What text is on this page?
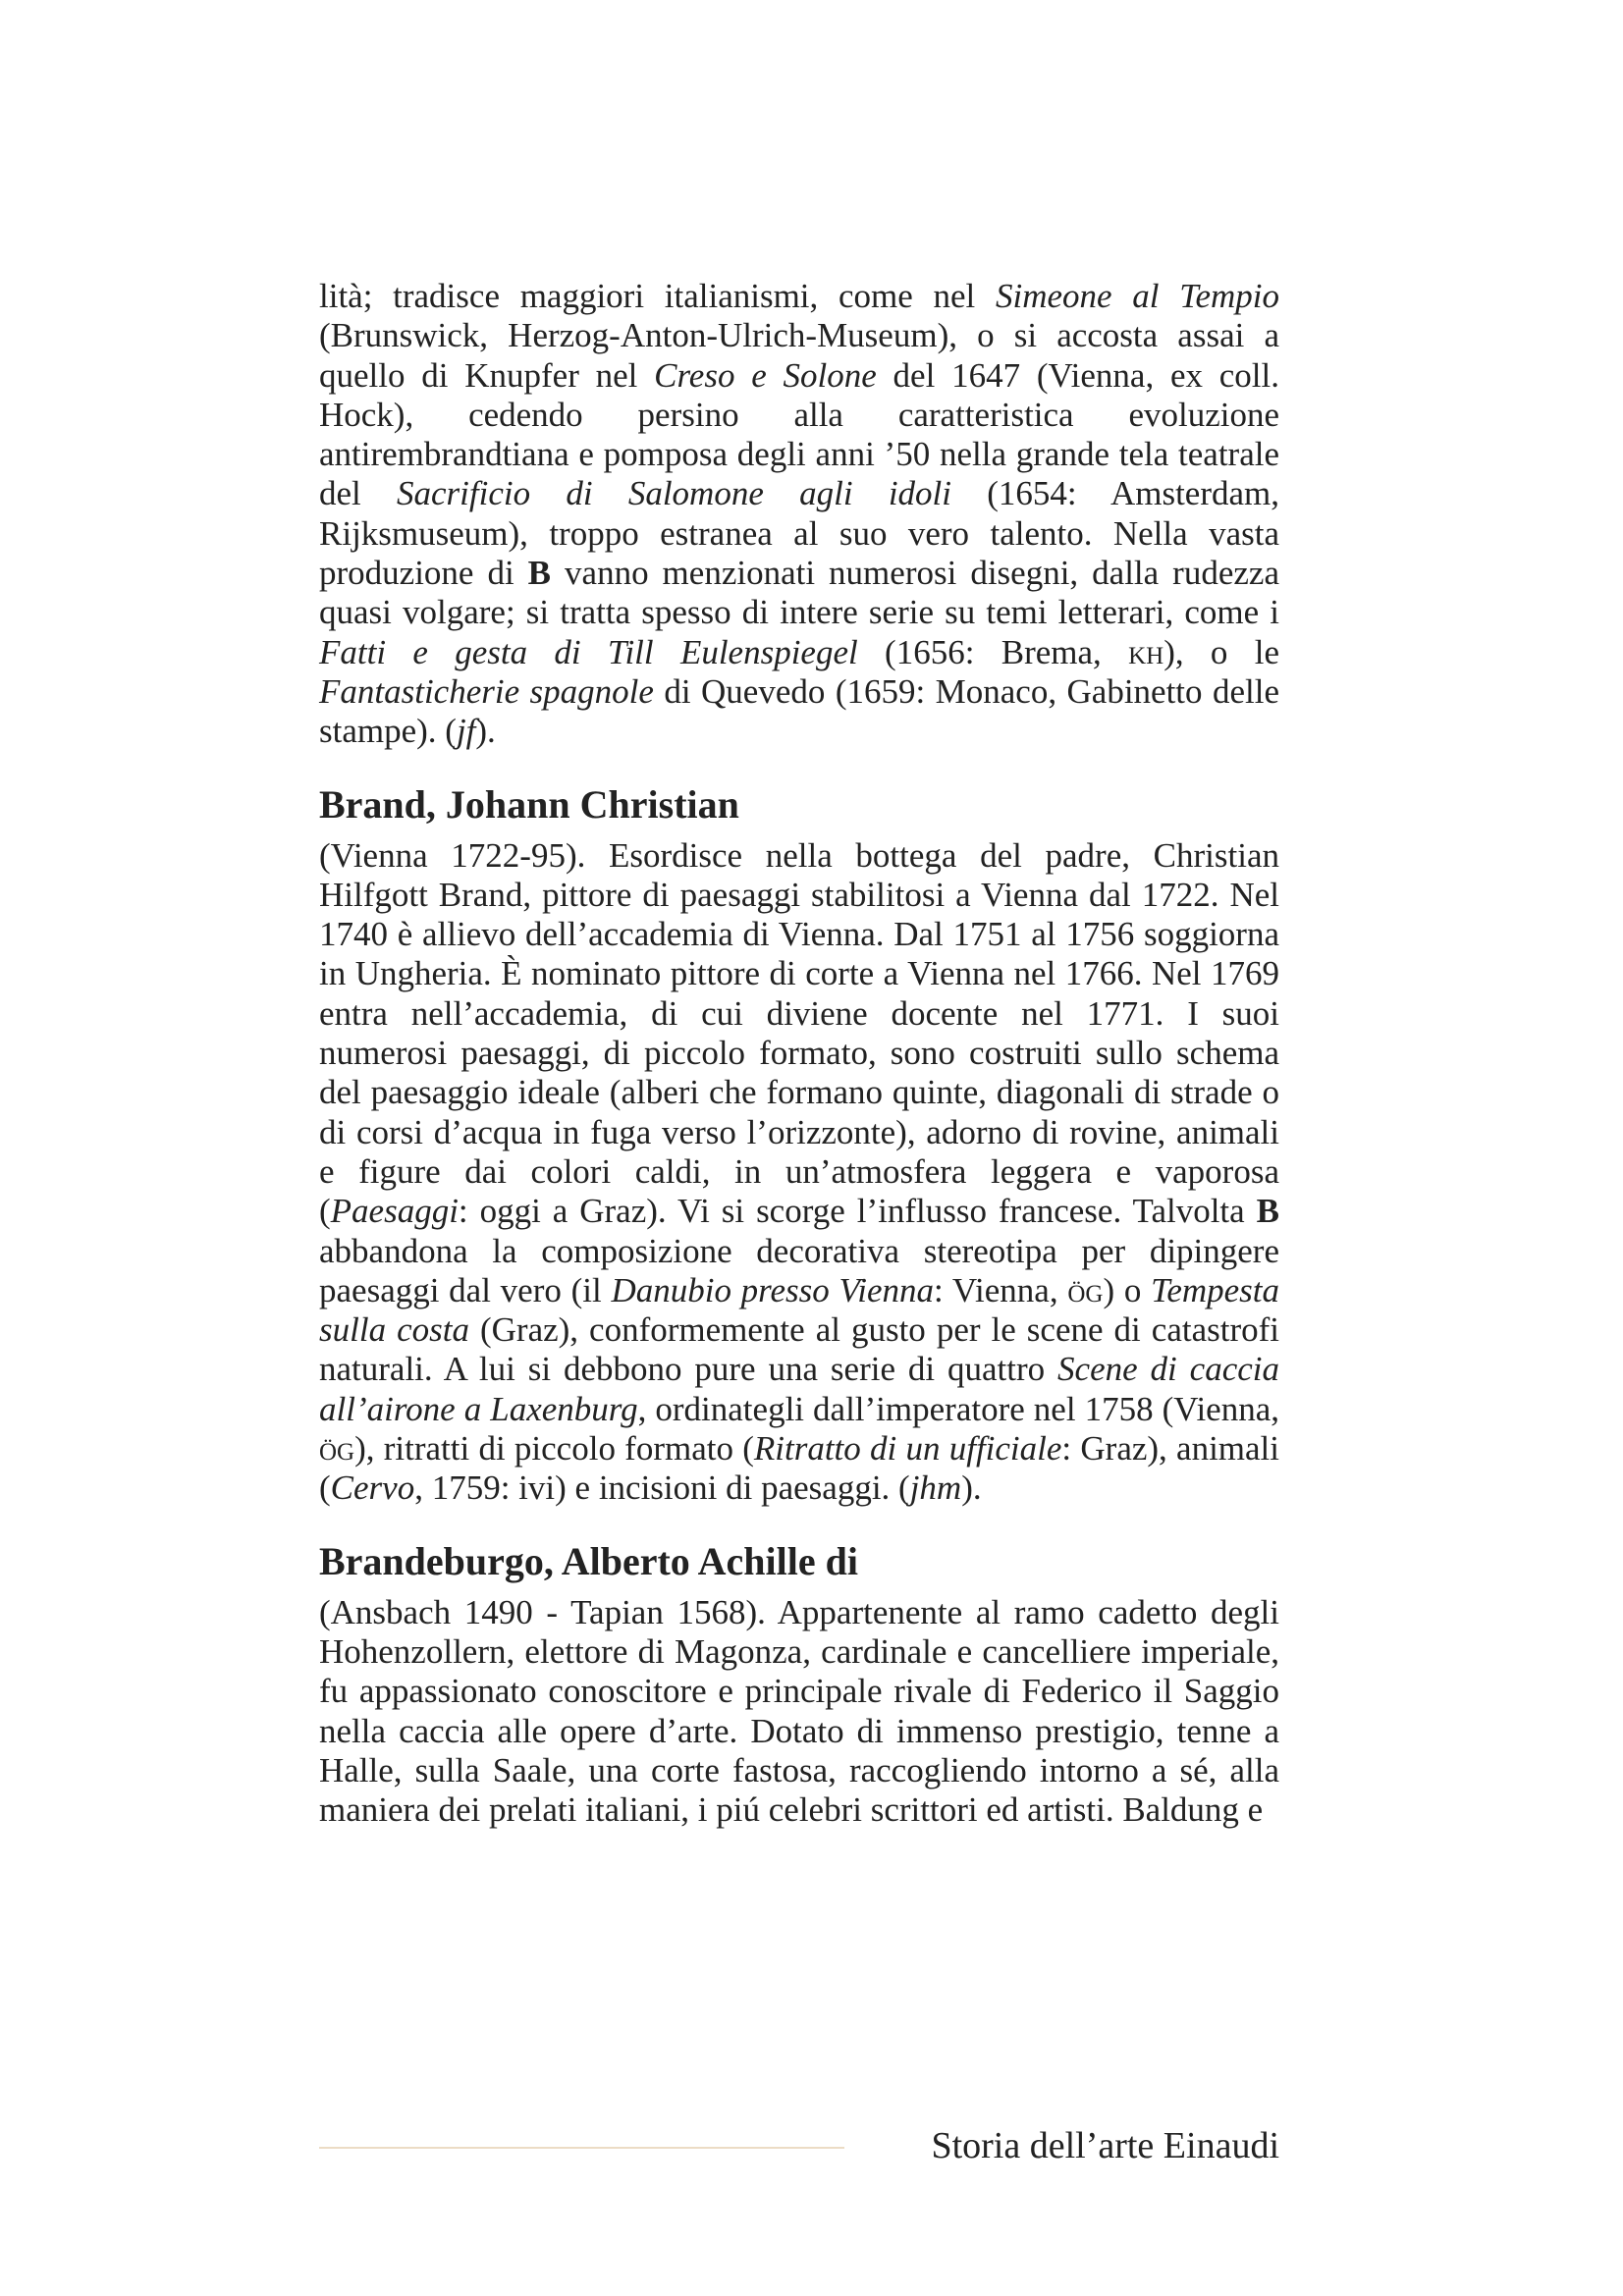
lità; tradisce maggiori italianismi, come nel Simeone al Tempio (Brunswick, Herzog-Anton-Ulrich-Museum), o si accosta assai a quello di Knupfer nel Creso e Solone del 1647 (Vienna, ex coll. Hock), cedendo persino alla caratteristica evoluzione antirembrandtiana e pomposa degli anni ’50 nella grande tela teatrale del Sacrificio di Salomone agli idoli (1654: Amsterdam, Rijksmuseum), troppo estranea al suo vero talento. Nella vasta produzione di B vanno menzionati numerosi disegni, dalla rudezza quasi volgare; si tratta spesso di intere serie su temi letterari, come i Fatti e gesta di Till Eulenspiegel (1656: Brema, kh), o le Fantasticherie spagnole di Quevedo (1659: Monaco, Gabinetto delle stampe). (jf).

Brand, Johann Christian

(Vienna 1722-95). Esordisce nella bottega del padre, Christian Hilfgott Brand, pittore di paesaggi stabilitosi a Vienna dal 1722. Nel 1740 è allievo dell’accademia di Vienna. Dal 1751 al 1756 soggiorna in Ungheria. È nominato pittore di corte a Vienna nel 1766. Nel 1769 entra nell’accademia, di cui diviene docente nel 1771. I suoi numerosi paesaggi, di piccolo formato, sono costruiti sullo schema del paesaggio ideale (alberi che formano quinte, diagonali di strade o di corsi d’acqua in fuga verso l’orizzonte), adorno di rovine, animali e figure dai colori caldi, in un’atmosfera leggera e vaporosa (Paesaggi: oggi a Graz). Vi si scorge l’influsso francese. Talvolta B abbandona la composizione decorativa stereotipa per dipingere paesaggi dal vero (il Danubio presso Vienna: Vienna, ög) o Tempesta sulla costa (Graz), conformemente al gusto per le scene di catastrofi naturali. A lui si debbono pure una serie di quattro Scene di caccia all’airone a Laxenburg, ordinategli dall’imperatore nel 1758 (Vienna, ög), ritratti di piccolo formato (Ritratto di un ufficiale: Graz), animali (Cervo, 1759: ivi) e incisioni di paesaggi. (jhm).

Brandeburgo, Alberto Achille di

(Ansbach 1490 - Tapian 1568). Appartenente al ramo cadetto degli Hohenzollern, elettore di Magonza, cardinale e cancelliere imperiale, fu appassionato conoscitore e principale rivale di Federico il Saggio nella caccia alle opere d’arte. Dotato di immenso prestigio, tenne a Halle, sulla Saale, una corte fastosa, raccogliendo intorno a sé, alla maniera dei prelati italiani, i piú celebri scrittori ed artisti. Baldung e

Storia dell’arte Einaudi
